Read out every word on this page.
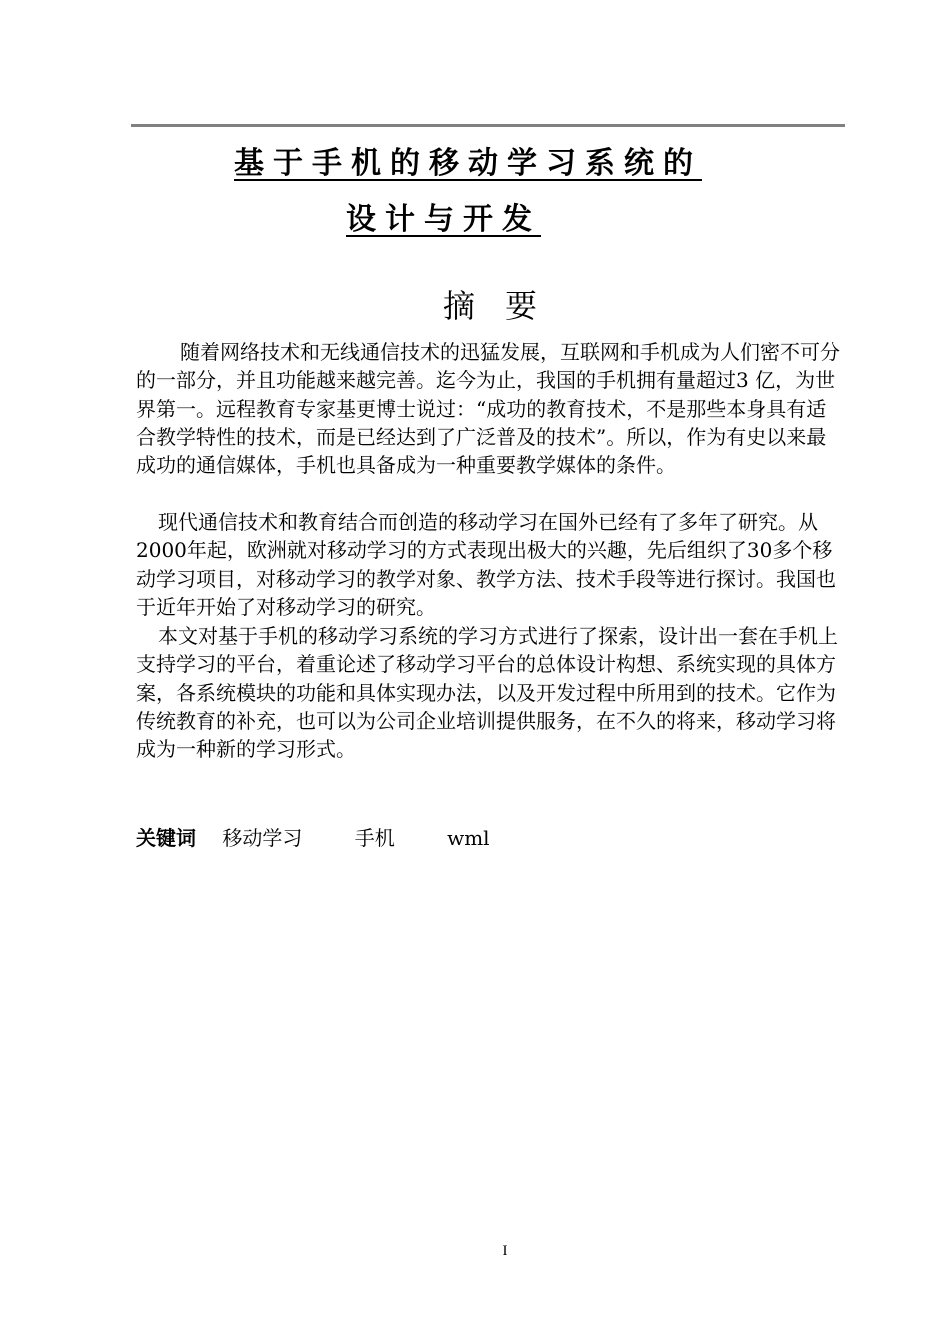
基于手机的移动学习系统的
设计与开发
摘要

随着网络技术和无线通信技术的迅猛发展，互联网和手机成为人们密不可分的一部分，并且功能越来越完善。迄今为止，我国的手机拥有量超过3 亿，为世界第一。远程教育专家基更博士说过：“成功的教育技术，不是那些本身具有适合教学特性的技术，而是已经达到了广泛普及的技术”。所以，作为有史以来最成功的通信媒体，手机也具备成为一种重要教学媒体的条件。

现代通信技术和教育结合而创造的移动学习在国外已经有了多年了研究。从2000年起，欧洲就对移动学习的方式表现出极大的兴趣，先后组织了30多个移动学习项目，对移动学习的教学对象、教学方法、技术手段等进行探讨。我国也于近年开始了对移动学习的研究。

本文对基于手机的移动学习系统的学习方式进行了探索，设计出一套在手机上支持学习的平台，着重论述了移动学习平台的总体设计构想、系统实现的具体方案，各系统模块的功能和具体实现办法，以及开发过程中所用到的技术。它作为传统教育的补充，也可以为公司企业培训提供服务，在不久的将来，移动学习将成为一种新的学习形式。

关键词 移动学习	手机	wml
I
